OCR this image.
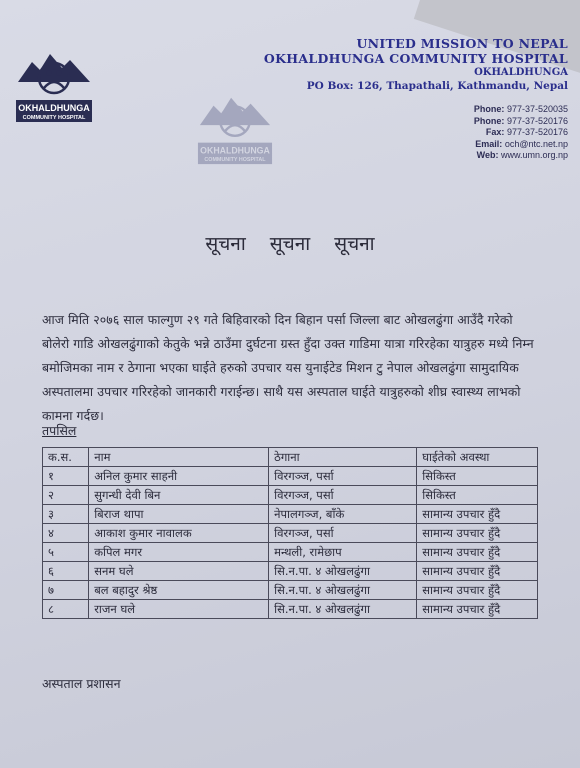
OKHALDHUNGA
COMMUNITY HOSPITAL
OKHALDHUNGA
COMMUNITY HOSPITAL
UNITED MISSION TO NEPAL
OKHALDHUNGA COMMUNITY HOSPITAL
OKHALDHUNGA
PO Box: 126, Thapathali, Kathmandu, Nepal
Phone: 977-37-520035
Phone: 977-37-520176
Fax: 977-37-520176
Email: och@ntc.net.np
Web: www.umn.org.np
सूचना सूचना सूचना
आज मिति २०७६ साल फाल्गुण २९ गते बिहिवारको दिन बिहान पर्सा जिल्ला बाट ओखलढुंगा आउँदै गरेको बोलेरो गाडि ओखलढुंगाको केतुके भन्ने ठाउँमा दुर्घटना ग्रस्त हुँदा उक्त गाडिमा यात्रा गरिरहेका यात्रुहरु मध्ये निम्न बमोजिमका नाम र ठेगाना भएका घाईते हरुको उपचार यस युनाईटेड मिशन टु नेपाल ओखलढुंगा सामुदायिक अस्पतालमा उपचार गरिरहेको जानकारी गराईन्छ। साथै यस अस्पताल घाईते यात्रुहरुको शीघ्र स्वास्थ्य लाभको कामना गर्दछ।
तपसिल
क.स.	नाम	ठेगाना	घाईतेको अवस्था
१	अनिल कुमार साहनी	विरगञ्ज, पर्सा	सिकिस्त
२	सुगन्धी देवी बिन	विरगञ्ज, पर्सा	सिकिस्त
३	बिराज थापा	नेपालगञ्ज, बाँके	सामान्य उपचार हुँदै
४	आकाश कुमार नावालक	विरगञ्ज, पर्सा	सामान्य उपचार हुँदै
५	कपिल मगर	मन्थली, रामेछाप	सामान्य उपचार हुँदै
६	सनम घले	सि.न.पा. ४ ओखलढुंगा	सामान्य उपचार हुँदै
७	बल बहादुर श्रेष्ठ	सि.न.पा. ४ ओखलढुंगा	सामान्य उपचार हुँदै
८	राजन घले	सि.न.पा. ४ ओखलढुंगा	सामान्य उपचार हुँदै
अस्पताल प्रशासन
